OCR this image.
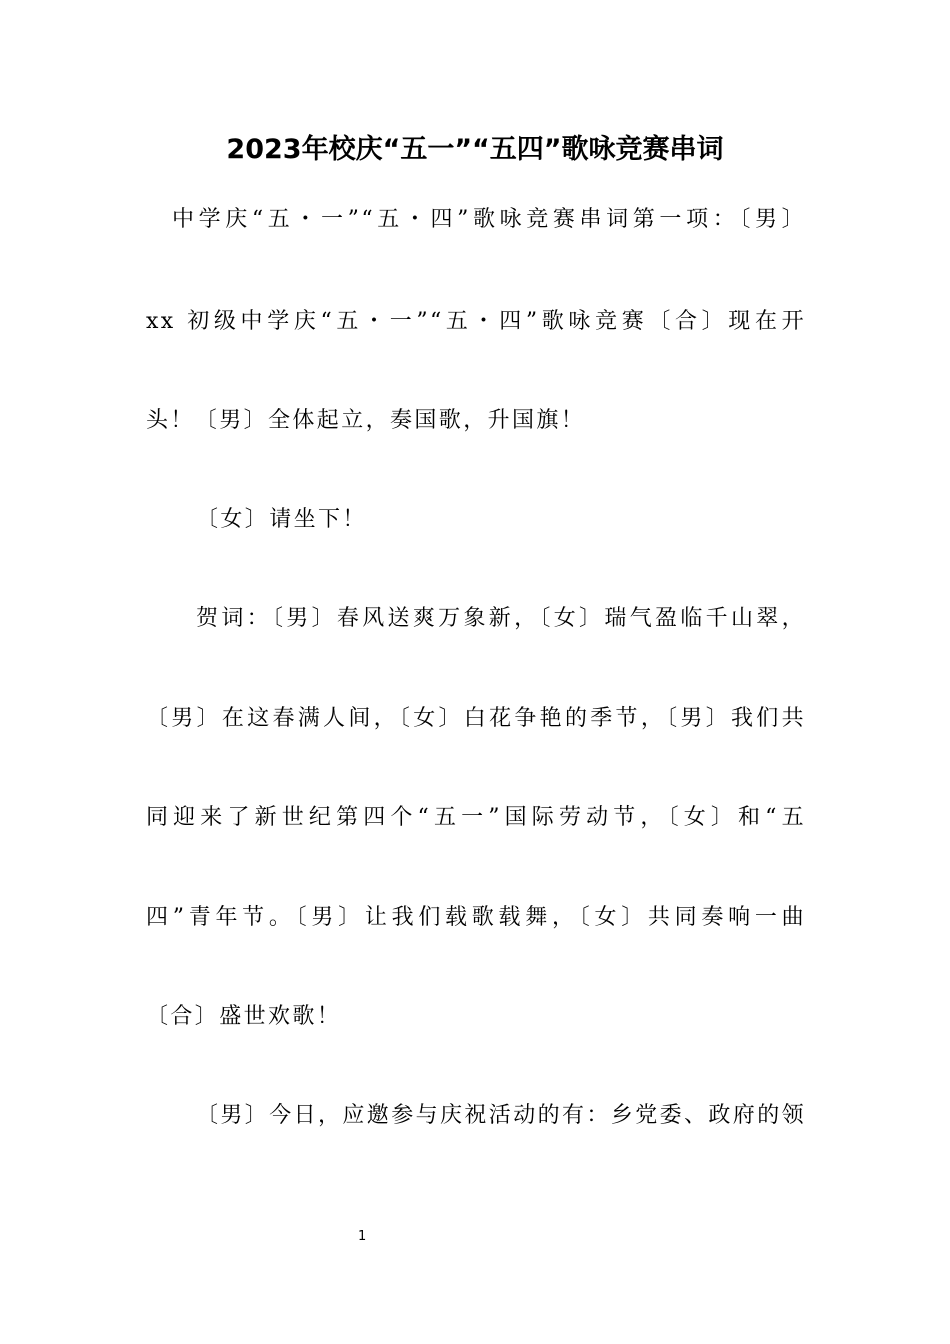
2023年校庆“五一”“五四”歌咏竞赛串词
中学庆“五・一”“五・四”歌咏竞赛串词第一项：〔男〕
xx 初级中学庆“五・一”“五・四”歌咏竞赛〔合〕现在开
头！〔男〕全体起立，奏国歌，升国旗！
〔女〕请坐下！
贺词：〔男〕春风送爽万象新，〔女〕瑞气盈临千山翠，
〔男〕在这春满人间，〔女〕白花争艳的季节，〔男〕我们共
同迎来了新世纪第四个“五一”国际劳动节，〔女〕和“五
四”青年节。〔男〕让我们载歌载舞，〔女〕共同奏响一曲
〔合〕盛世欢歌！
〔男〕今日，应邀参与庆祝活动的有：乡党委、政府的领
1
